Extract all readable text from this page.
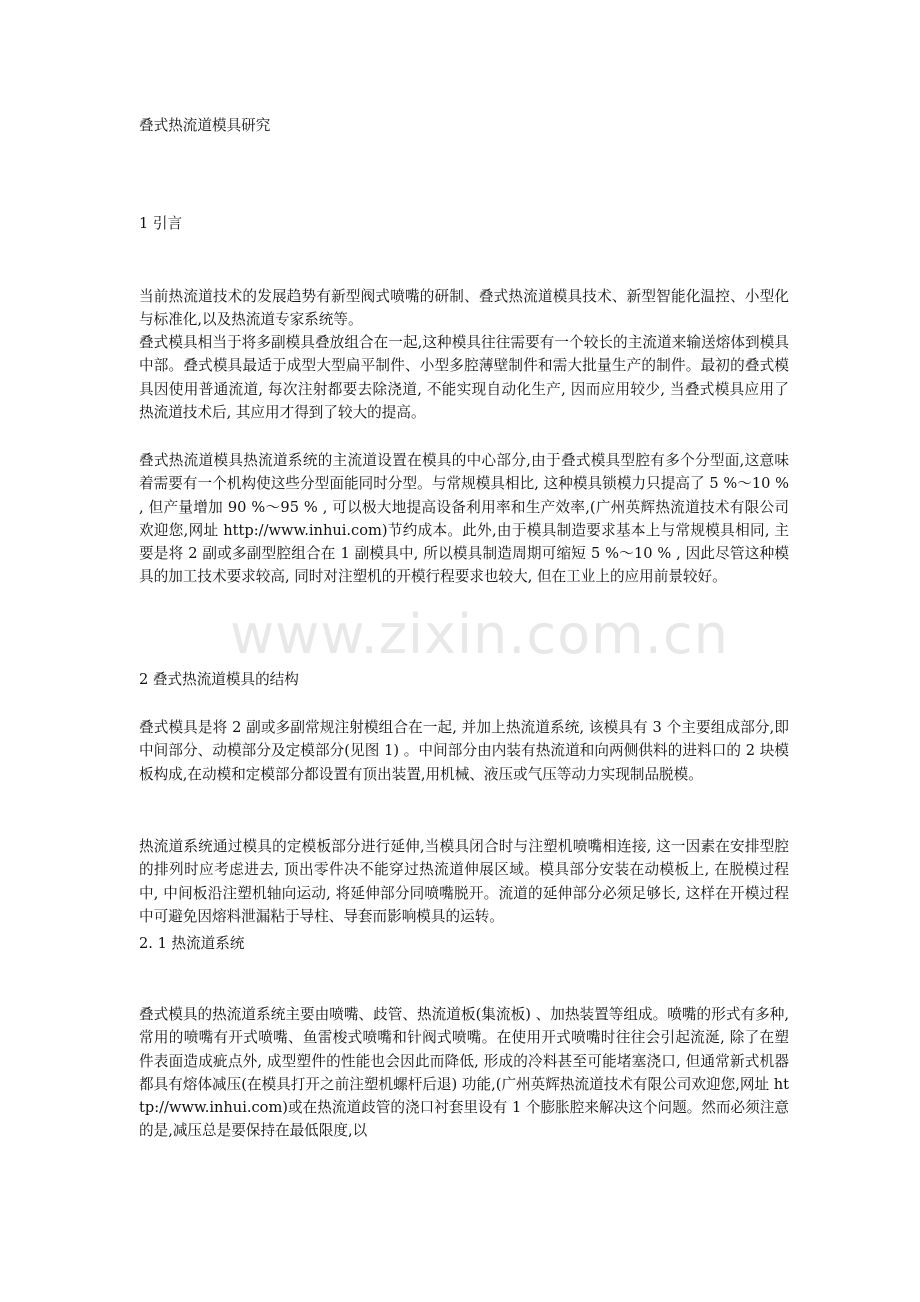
叠式热流道模具研究

1 引言

当前热流道技术的发展趋势有新型阀式喷嘴的研制、叠式热流道模具技术、新型智能化温控、小型化与标准化,以及热流道专家系统等。

叠式模具相当于将多副模具叠放组合在一起,这种模具往往需要有一个较长的主流道来输送熔体到模具中部。叠式模具最适于成型大型扁平制件、小型多腔薄壁制件和需大批量生产的制件。最初的叠式模具因使用普通流道, 每次注射都要去除浇道, 不能实现自动化生产, 因而应用较少, 当叠式模具应用了热流道技术后, 其应用才得到了较大的提高。

叠式热流道模具热流道系统的主流道设置在模具的中心部分,由于叠式模具型腔有多个分型面,这意味着需要有一个机构使这些分型面能同时分型。与常规模具相比, 这种模具锁模力只提高了 5 %～10 % , 但产量增加 90 %～95 % , 可以极大地提高设备利用率和生产效率,(广州英辉热流道技术有限公司欢迎您,网址 http://www.inhui.com)节约成本。此外,由于模具制造要求基本上与常规模具相同, 主要是将 2 副或多副型腔组合在 1 副模具中, 所以模具制造周期可缩短 5 %～10 % , 因此尽管这种模具的加工技术要求较高, 同时对注塑机的开模行程要求也较大, 但在工业上的应用前景较好。

2 叠式热流道模具的结构

叠式模具是将 2 副或多副常规注射模组合在一起, 并加上热流道系统, 该模具有 3 个主要组成部分,即中间部分、动模部分及定模部分(见图 1) 。中间部分由内装有热流道和向两侧供料的进料口的 2 块模板构成,在动模和定模部分都设置有顶出装置,用机械、液压或气压等动力实现制品脱模。

热流道系统通过模具的定模板部分进行延伸,当模具闭合时与注塑机喷嘴相连接, 这一因素在安排型腔的排列时应考虑进去, 顶出零件决不能穿过热流道伸展区域。模具部分安装在动模板上, 在脱模过程中, 中间板沿注塑机轴向运动, 将延伸部分同喷嘴脱开。流道的延伸部分必须足够长, 这样在开模过程中可避免因熔料泄漏粘于导柱、导套而影响模具的运转。

2. 1 热流道系统

叠式模具的热流道系统主要由喷嘴、歧管、热流道板(集流板) 、加热装置等组成。喷嘴的形式有多种, 常用的喷嘴有开式喷嘴、鱼雷梭式喷嘴和针阀式喷嘴。在使用开式喷嘴时往往会引起流涎, 除了在塑件表面造成疵点外, 成型塑件的性能也会因此而降低, 形成的冷料甚至可能堵塞浇口, 但通常新式机器都具有熔体减压(在模具打开之前注塑机螺杆后退) 功能,(广州英辉热流道技术有限公司欢迎您,网址 http://www.inhui.com)或在热流道歧管的浇口衬套里设有 1 个膨胀腔来解决这个问题。然而必须注意的是,减压总是要保持在最低限度,以

www.zixin.com.cn
